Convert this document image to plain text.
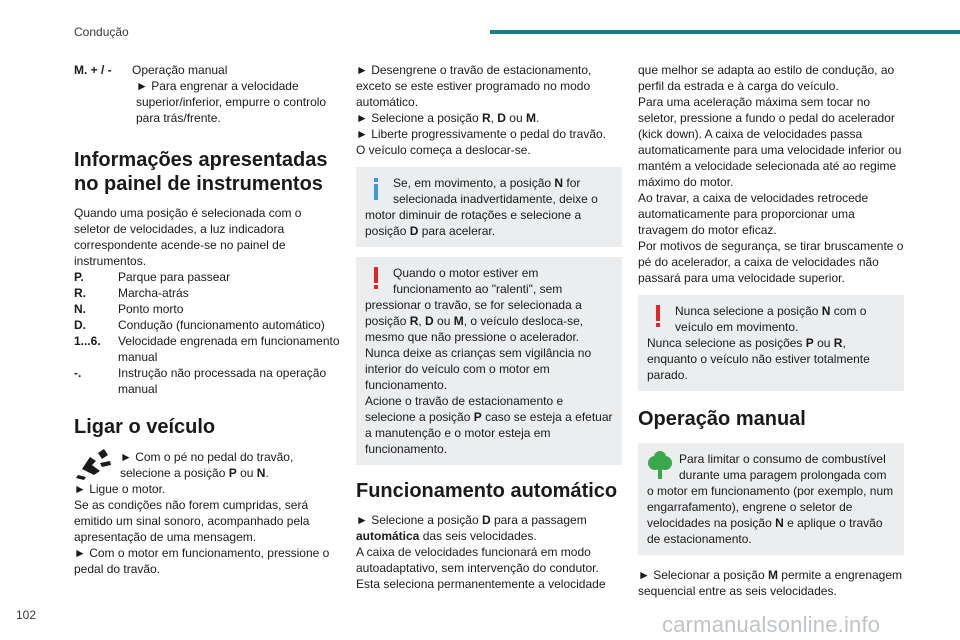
Condução
M. + / -	Operação manual

► Para engrenar a velocidade superior/inferior, empurre o controlo para trás/frente.

Informações apresentadas no painel de instrumentos

Quando uma posição é selecionada com o seletor de velocidades, a luz indicadora correspondente acende-se no painel de instrumentos.

P.	Parque para passear
R.	Marcha-atrás
N.	Ponto morto
D.	Condução (funcionamento automático)
1...6.	Velocidade engrenada em funcionamento manual
-.	Instrução não processada na operação manual
Ligar o veículo

► Com o pé no pedal do travão, selecione a posição P ou N.

► Ligue o motor.

Se as condições não forem cumpridas, será emitido um sinal sonoro, acompanhado pela apresentação de uma mensagem.

► Com o motor em funcionamento, pressione o pedal do travão.

► Desengrene o travão de estacionamento, exceto se este estiver programado no modo automático.

► Selecione a posição R, D ou M.

► Liberte progressivamente o pedal do travão.

O veículo começa a deslocar-se.

Se, em movimento, a posição N for selecionada inadvertidamente, deixe o motor diminuir de rotações e selecione a posição D para acelerar.

Quando o motor estiver em funcionamento ao "ralenti", sem pressionar o travão, se for selecionada a posição R, D ou M, o veículo desloca-se, mesmo que não pressione o acelerador.

Nunca deixe as crianças sem vigilância no interior do veículo com o motor em funcionamento.

Acione o travão de estacionamento e selecione a posição P caso se esteja a efetuar a manutenção e o motor esteja em funcionamento.

Funcionamento automático

► Selecione a posição D para a passagem automática das seis velocidades.

A caixa de velocidades funcionará em modo autoadaptativo, sem intervenção do condutor.

Esta seleciona permanentemente a velocidade

que melhor se adapta ao estilo de condução, ao perfil da estrada e à carga do veículo.

Para uma aceleração máxima sem tocar no seletor, pressione a fundo o pedal do acelerador (kick down). A caixa de velocidades passa automaticamente para uma velocidade inferior ou mantém a velocidade selecionada até ao regime máximo do motor.

Ao travar, a caixa de velocidades retrocede automaticamente para proporcionar uma travagem do motor eficaz.

Por motivos de segurança, se tirar bruscamente o pé do acelerador, a caixa de velocidades não passará para uma velocidade superior.

Nunca selecione a posição N com o veículo em movimento.

Nunca selecione as posições P ou R, enquanto o veículo não estiver totalmente parado.

Operação manual

Para limitar o consumo de combustível durante uma paragem prolongada com o motor em funcionamento (por exemplo, num engarrafamento), engrene o seletor de velocidades na posição N e aplique o travão de estacionamento.

► Selecionar a posição M permite a engrenagem sequencial entre as seis velocidades.

102	carmanualsonline.info
